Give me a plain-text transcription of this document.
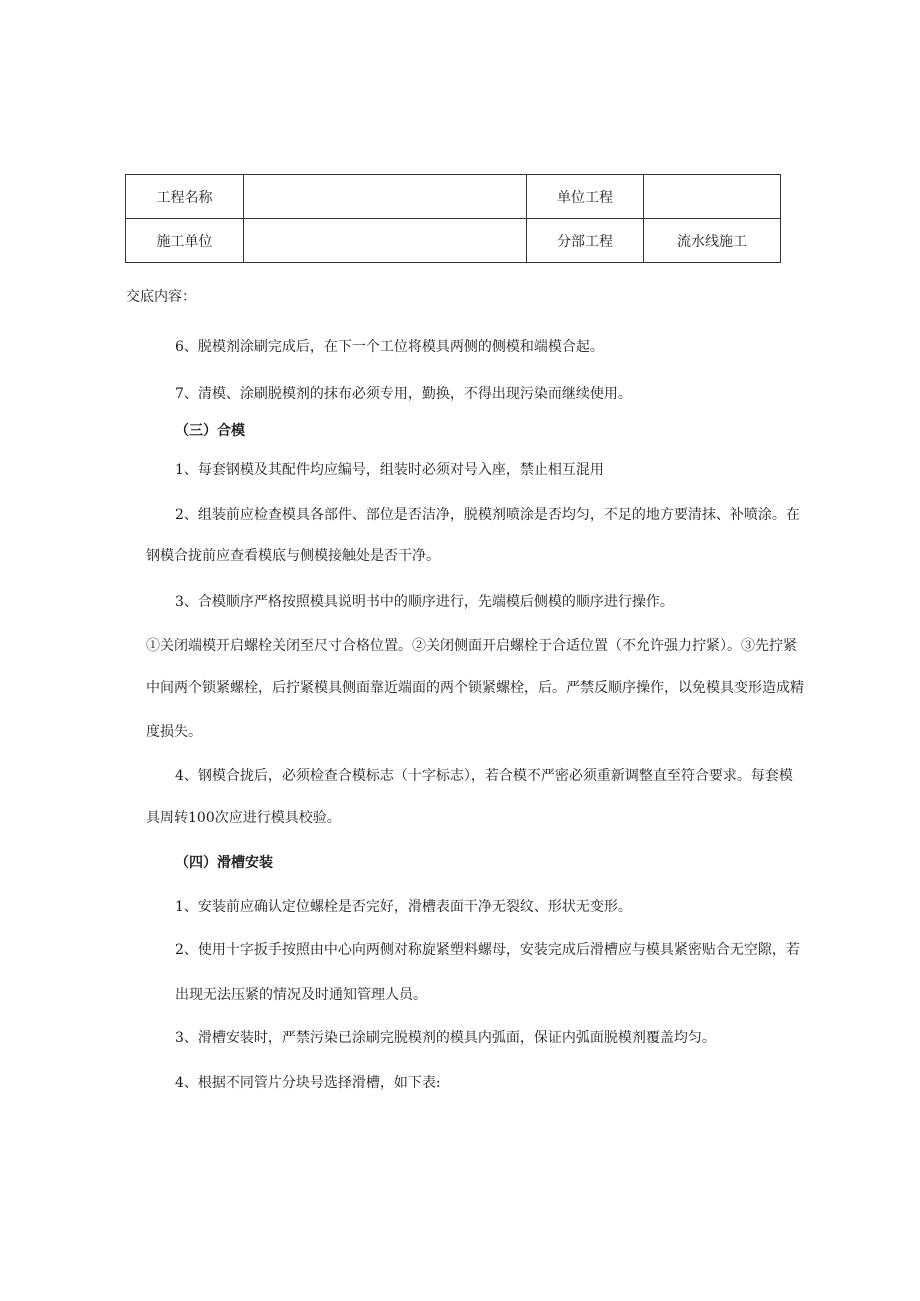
工程名称		单位工程	
施工单位		分部工程	流水线施工
交底内容：
6、脱模剂涂刷完成后，在下一个工位将模具两侧的侧模和端模合起。
7、清模、涂刷脱模剂的抹布必须专用，勤换，不得出现污染而继续使用。
（三）合模
1、每套钢模及其配件均应编号，组装时必须对号入座，禁止相互混用
2、组装前应检查模具各部件、部位是否洁净，脱模剂喷涂是否均匀，不足的地方要清抹、补喷涂。在
钢模合拢前应查看模底与侧模接触处是否干净。
3、合模顺序严格按照模具说明书中的顺序进行，先端模后侧模的顺序进行操作。
①关闭端模开启螺栓关闭至尺寸合格位置。②关闭侧面开启螺栓于合适位置（不允许强力拧紧）。③先拧紧
中间两个锁紧螺栓，后拧紧模具侧面靠近端面的两个锁紧螺栓，后。严禁反顺序操作，以免模具变形造成精
度损失。
4、钢模合拢后，必须检查合模标志（十字标志），若合模不严密必须重新调整直至符合要求。每套模
具周转100次应进行模具校验。
（四）滑槽安装
1、安装前应确认定位螺栓是否完好，滑槽表面干净无裂纹、形状无变形。
2、使用十字扳手按照由中心向两侧对称旋紧塑料螺母，安装完成后滑槽应与模具紧密贴合无空隙，若
出现无法压紧的情况及时通知管理人员。
3、滑槽安装时，严禁污染已涂刷完脱模剂的模具内弧面，保证内弧面脱模剂覆盖均匀。
4、根据不同管片分块号选择滑槽，如下表:
